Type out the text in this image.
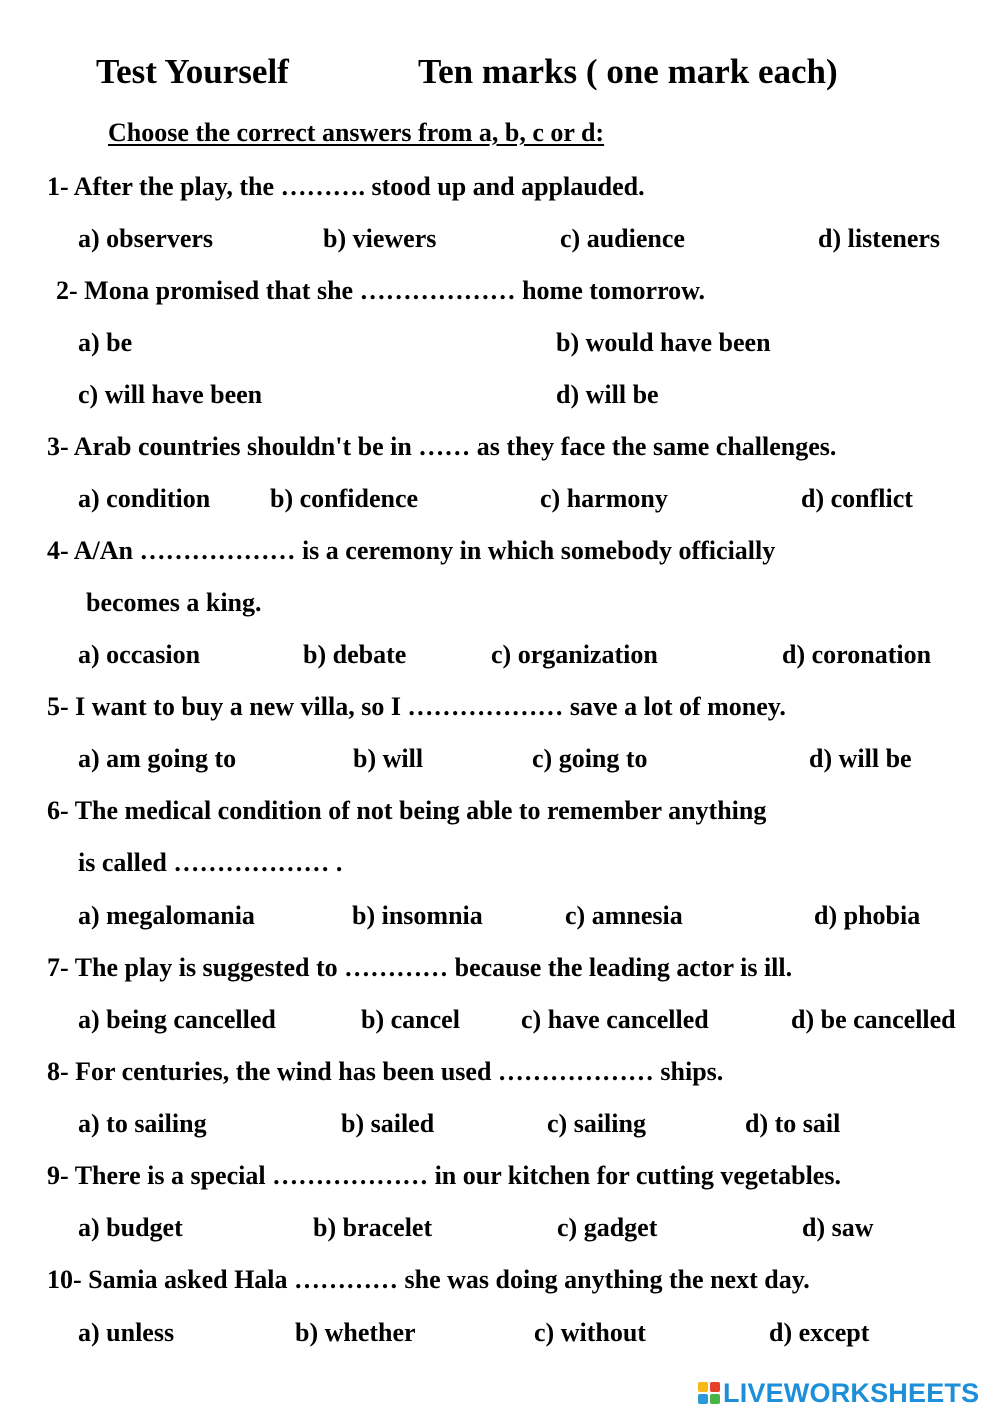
Test Yourself	Ten marks ( one mark each)
Choose the correct answers from a, b, c or d:
1- After the play, the ………. stood up and applauded.
a) observers	b) viewers	c) audience	d) listeners
2- Mona promised that she ……………… home tomorrow.
a) be	b) would have been
c) will have been	d) will be
3- Arab countries shouldn't be in …… as they face the same challenges.
a) condition b) confidence	c) harmony	d) conflict
4- A/An ……………… is a ceremony in which somebody officially
becomes a king.
a) occasion	b) debate	c) organization	d) coronation
5- I want to buy a new villa, so I ……………… save a lot of money.
a) am going to	b) will	c) going to	d) will be
6- The medical condition of not being able to remember anything
is called ……………… .
a) megalomania	b) insomnia	c) amnesia	d) phobia
7- The play is suggested to ………… because the leading actor is ill.
a) being cancelled	b) cancel c) have cancelled	d) be cancelled
8- For centuries, the wind has been used ……………… ships.
a) to sailing	b) sailed	c) sailing	d) to sail
9- There is a special ……………… in our kitchen for cutting vegetables.
a) budget	b) bracelet	c) gadget	d) saw
10- Samia asked Hala ………… she was doing anything the next day.
a) unless	b) whether	c) without	d) except
LIVEWORKSHEETS
